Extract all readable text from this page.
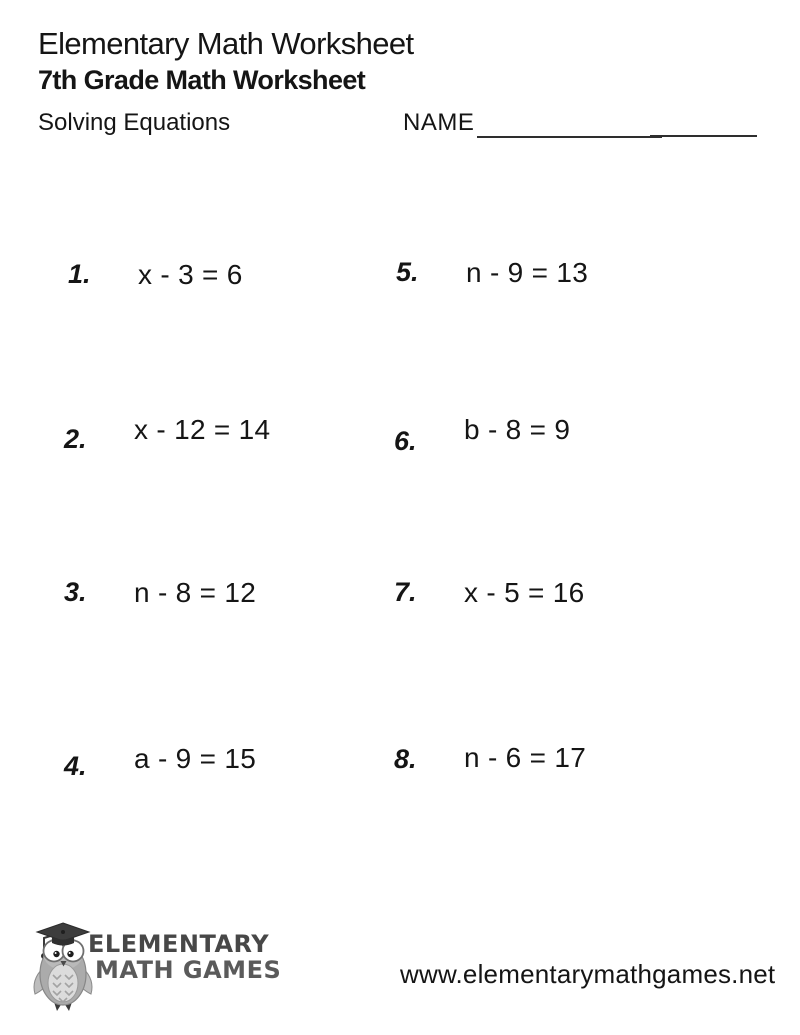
Elementary Math Worksheet
7th Grade Math Worksheet
Solving Equations	NAME
1.	x - 3 = 6
2.	x - 12 = 14
3.	n - 8 = 12
4.	a - 9 = 15
5.	n - 9 = 13
6.	b - 8 = 9
7.	x - 5 = 16
8.	n - 6 = 17
ELEMENTARY
MATH GAMES	www.elementarymathgames.net
